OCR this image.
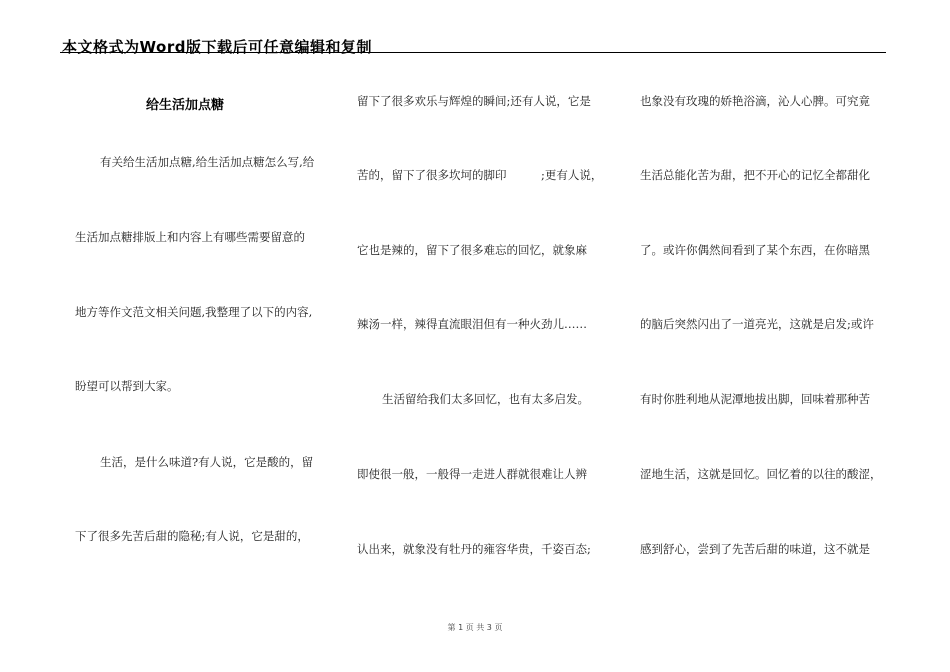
本文格式为Word版下载后可任意编辑和复制
给生活加点糖
有关给生活加点糖,给生活加点糖怎么写,给
生活加点糖排版上和内容上有哪些需要留意的
地方等作文范文相关问题,我整理了以下的内容,
盼望可以帮到大家。
生活，是什么味道?有人说，它是酸的，留
下了很多先苦后甜的隐秘;有人说，它是甜的，
留下了很多欢乐与辉煌的瞬间;还有人说，它是
苦的，留下了很多坎坷的脚印　　　;更有人说，
它也是辣的，留下了很多难忘的回忆，就象麻
辣汤一样，辣得直流眼泪但有一种火劲儿……
生活留给我们太多回忆，也有太多启发。
即使很一般，一般得一走进人群就很难让人辨
认出来，就象没有牡丹的雍容华贵，千姿百态;
也象没有玫瑰的娇艳浴滴，沁人心脾。可究竟
生活总能化苦为甜，把不开心的记忆全都甜化
了。或许你偶然间看到了某个东西，在你暗黑
的脑后突然闪出了一道亮光，这就是启发;或许
有时你胜利地从泥潭地拔出脚，回味着那种苦
涩地生活，这就是回忆。回忆着的以往的酸涩，
感到舒心，尝到了先苦后甜的味道，这不就是
第 1 页 共 3 页
